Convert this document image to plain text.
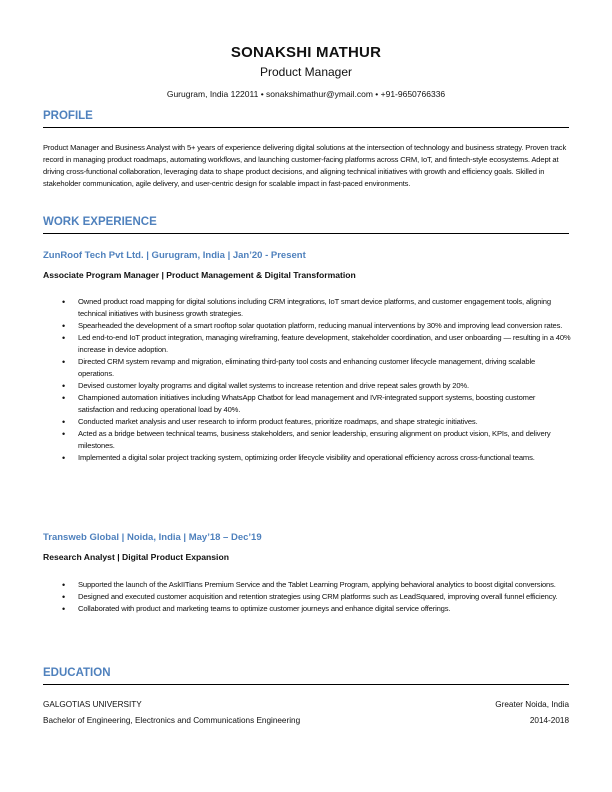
SONAKSHI MATHUR
Product Manager
Gurugram, India 122011 • sonakshimathur@ymail.com • +91-9650766336
PROFILE
Product Manager and Business Analyst with 5+ years of experience delivering digital solutions at the intersection of technology and business strategy. Proven track record in managing product roadmaps, automating workflows, and launching customer-facing platforms across CRM, IoT, and fintech-style ecosystems. Adept at driving cross-functional collaboration, leveraging data to shape product decisions, and aligning technical initiatives with growth and efficiency goals. Skilled in stakeholder communication, agile delivery, and user-centric design for scalable impact in fast-paced environments.
WORK EXPERIENCE
ZunRoof Tech Pvt Ltd. | Gurugram, India | Jan’20 - Present
Associate Program Manager | Product Management & Digital Transformation
• Owned product road mapping for digital solutions including CRM integrations, IoT smart device platforms, and customer engagement tools, aligning technical initiatives with business growth strategies.
• Spearheaded the development of a smart rooftop solar quotation platform, reducing manual interventions by 30% and improving lead conversion rates.
• Led end-to-end IoT product integration, managing wireframing, feature development, stakeholder coordination, and user onboarding — resulting in a 40% increase in device adoption.
• Directed CRM system revamp and migration, eliminating third-party tool costs and enhancing customer lifecycle management, driving scalable operations.
• Devised customer loyalty programs and digital wallet systems to increase retention and drive repeat sales growth by 20%.
• Championed automation initiatives including WhatsApp Chatbot for lead management and IVR-integrated support systems, boosting customer satisfaction and reducing operational load by 40%.
• Conducted market analysis and user research to inform product features, prioritize roadmaps, and shape strategic initiatives.
• Acted as a bridge between technical teams, business stakeholders, and senior leadership, ensuring alignment on product vision, KPIs, and delivery milestones.
• Implemented a digital solar project tracking system, optimizing order lifecycle visibility and operational efficiency across cross-functional teams.
Transweb Global | Noida, India | May’18 – Dec’19
Research Analyst | Digital Product Expansion
• Supported the launch of the AskIITians Premium Service and the Tablet Learning Program, applying behavioral analytics to boost digital conversions.
• Designed and executed customer acquisition and retention strategies using CRM platforms such as LeadSquared, improving overall funnel efficiency.
• Collaborated with product and marketing teams to optimize customer journeys and enhance digital service offerings.
EDUCATION
GALGOTIAS UNIVERSITY	Greater Noida, India
Bachelor of Engineering, Electronics and Communications Engineering	2014-2018
